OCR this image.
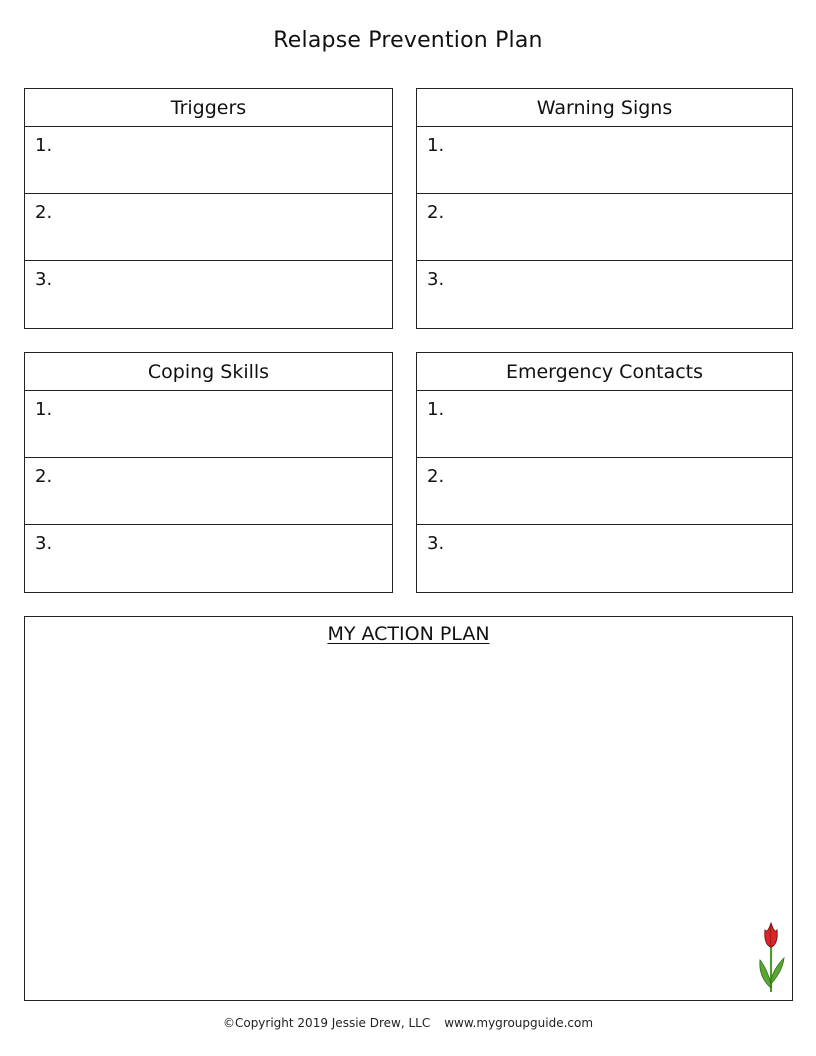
Relapse Prevention Plan
Triggers
1.
2.
3.
Warning Signs
1.
2.
3.
Coping Skills
1.
2.
3.
Emergency Contacts
1.
2.
3.
MY ACTION PLAN
©Copyright 2019 Jessie Drew, LLC www.mygroupguide.com
